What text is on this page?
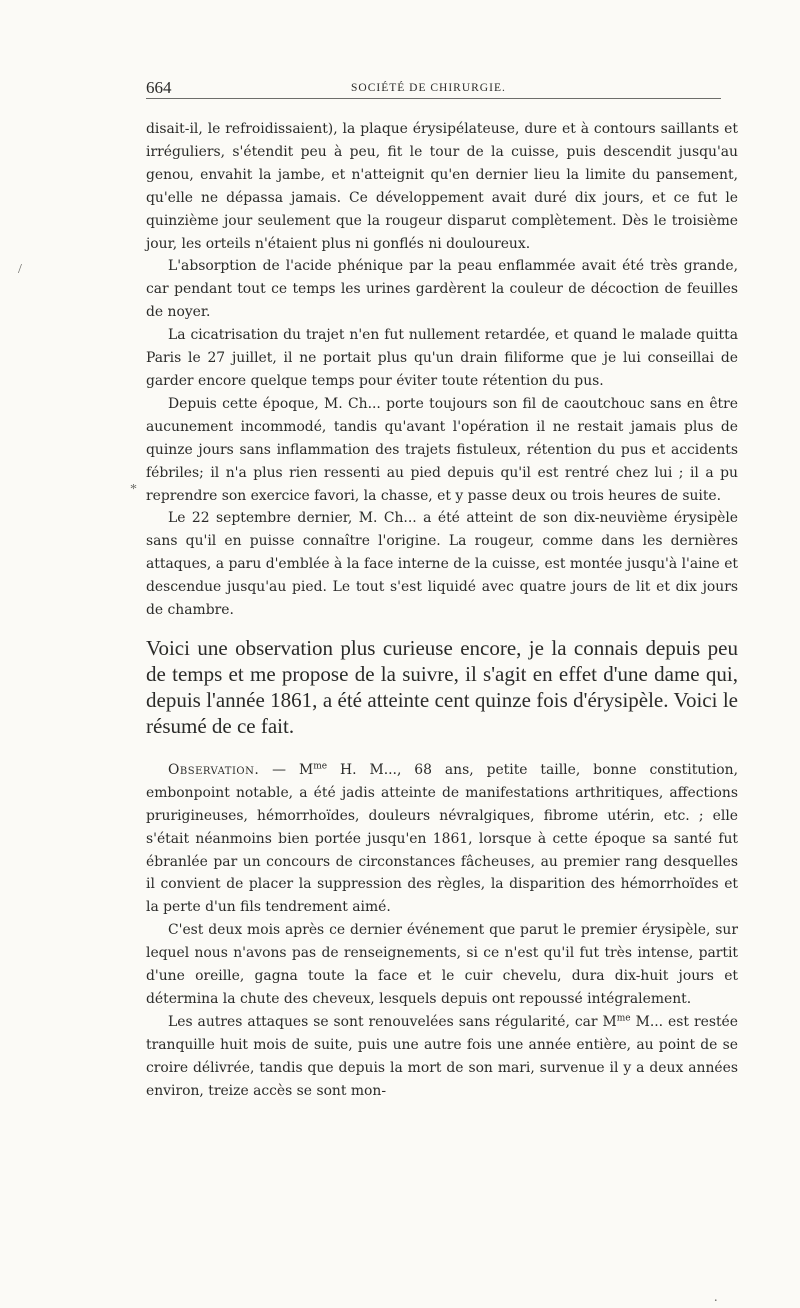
/
*
.
664	SOCIÉTÉ DE CHIRURGIE.

disait-il, le refroidissaient), la plaque érysipélateuse, dure et à contours saillants et irréguliers, s'étendit peu à peu, fit le tour de la cuisse, puis descendit jusqu'au genou, envahit la jambe, et n'atteignit qu'en dernier lieu la limite du pansement, qu'elle ne dépassa jamais. Ce développement avait duré dix jours, et ce fut le quinzième jour seulement que la rougeur disparut complètement. Dès le troisième jour, les orteils n'étaient plus ni gonflés ni douloureux.

L'absorption de l'acide phénique par la peau enflammée avait été très grande, car pendant tout ce temps les urines gardèrent la couleur de décoction de feuilles de noyer.

La cicatrisation du trajet n'en fut nullement retardée, et quand le malade quitta Paris le 27 juillet, il ne portait plus qu'un drain filiforme que je lui conseillai de garder encore quelque temps pour éviter toute rétention du pus.

Depuis cette époque, M. Ch... porte toujours son fil de caoutchouc sans en être aucunement incommodé, tandis qu'avant l'opération il ne restait jamais plus de quinze jours sans inflammation des trajets fistuleux, rétention du pus et accidents fébriles; il n'a plus rien ressenti au pied depuis qu'il est rentré chez lui ; il a pu reprendre son exercice favori, la chasse, et y passe deux ou trois heures de suite.

Le 22 septembre dernier, M. Ch... a été atteint de son dix-neuvième érysipèle sans qu'il en puisse connaître l'origine. La rougeur, comme dans les dernières attaques, a paru d'emblée à la face interne de la cuisse, est montée jusqu'à l'aine et descendue jusqu'au pied. Le tout s'est liquidé avec quatre jours de lit et dix jours de chambre.

Voici une observation plus curieuse encore, je la connais depuis peu de temps et me propose de la suivre, il s'agit en effet d'une dame qui, depuis l'année 1861, a été atteinte cent quinze fois d'érysipèle. Voici le résumé de ce fait.

Observation. — $M^{me}$ H. M..., 68 ans, petite taille, bonne constitution, embonpoint notable, a été jadis atteinte de manifestations arthritiques, affections prurigineuses, hémorrhoïdes, douleurs névralgiques, fibrome utérin, etc. ; elle s'était néanmoins bien portée jusqu'en 1861, lorsque à cette époque sa santé fut ébranlée par un concours de circonstances fâcheuses, au premier rang desquelles il convient de placer la suppression des règles, la disparition des hémorrhoïdes et la perte d'un fils tendrement aimé.

C'est deux mois après ce dernier événement que parut le premier érysipèle, sur lequel nous n'avons pas de renseignements, si ce n'est qu'il fut très intense, partit d'une oreille, gagna toute la face et le cuir chevelu, dura dix-huit jours et détermina la chute des cheveux, lesquels depuis ont repoussé intégralement.

Les autres attaques se sont renouvelées sans régularité, car $M^{me}$ M... est restée tranquille huit mois de suite, puis une autre fois une année entière, au point de se croire délivrée, tandis que depuis la mort de son mari, survenue il y a deux années environ, treize accès se sont mon-
